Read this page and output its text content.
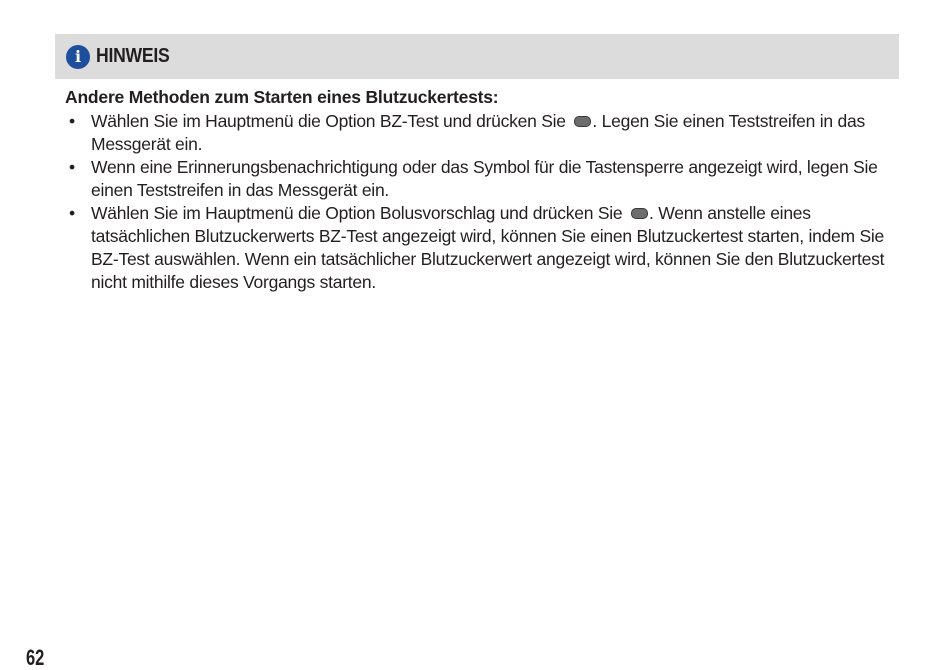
i HINWEIS

Andere Methoden zum Starten eines Blutzuckertests:

• Wählen Sie im Hauptmenü die Option BZ-Test und drücken Sie . Legen Sie einen Teststreifen in das Messgerät ein.
• Wenn eine Erinnerungsbenachrichtigung oder das Symbol für die Tastensperre angezeigt wird, legen Sie einen Teststreifen in das Messgerät ein.
• Wählen Sie im Hauptmenü die Option Bolusvorschlag und drücken Sie . Wenn anstelle eines tatsächlichen Blutzuckerwerts BZ-Test angezeigt wird, können Sie einen Blutzuckertest starten, indem Sie BZ-Test auswählen. Wenn ein tatsächlicher Blutzuckerwert angezeigt wird, können Sie den Blutzuckertest nicht mithilfe dieses Vorgangs starten.
62
